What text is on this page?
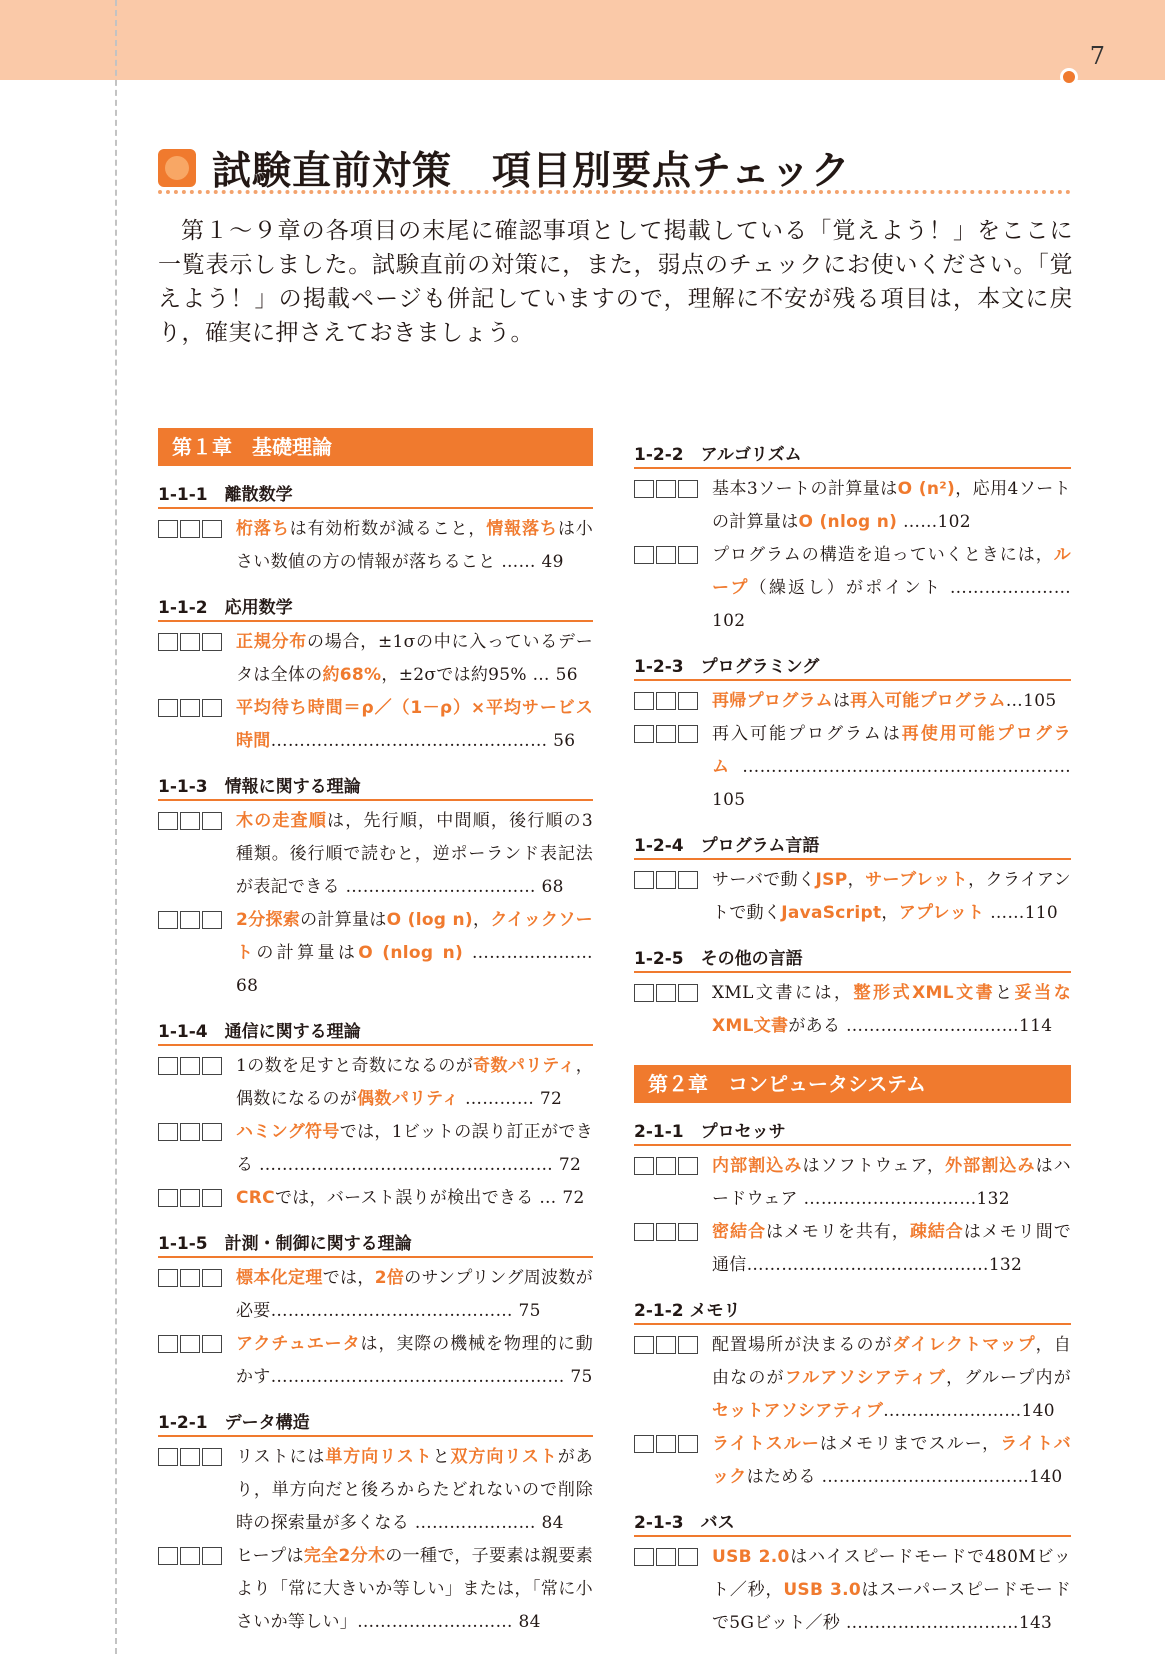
7
試験直前対策　項目別要点チェック
第１～９章の各項目の末尾に確認事項として掲載している「覚えよう！」をここに一覧表示しました。試験直前の対策に，また，弱点のチェックにお使いください。「覚えよう！」の掲載ページも併記していますので，理解に不安が残る項目は，本文に戻り，確実に押さえておきましょう。
第１章　基礎理論
1-1-1　離散数学
桁落ちは有効桁数が減ること，情報落ちは小さい数値の方の情報が落ちること …… 49
1-1-2　応用数学
正規分布の場合，±1σの中に入っているデータは全体の約68%，±2σでは約95% … 56
平均待ち時間＝ρ／（1－ρ）×平均サービス時間………………………………………… 56
1-1-3　情報に関する理論
木の走査順は，先行順，中間順，後行順の3種類。後行順で読むと，逆ポーランド表記法が表記できる …………………………… 68
2分探索の計算量はO (log n)，クイックソートの計算量はO (nlog n) ………………… 68
1-1-4　通信に関する理論
1の数を足すと奇数になるのが奇数パリティ，偶数になるのが偶数パリティ ………… 72
ハミング符号では，1ビットの誤り訂正ができる …………………………………………… 72
CRCでは，バースト誤りが検出できる … 72
1-1-5　計測・制御に関する理論
標本化定理では，2倍のサンプリング周波数が必要…………………………………… 75
アクチュエータは，実際の機械を物理的に動かす…………………………………………… 75
1-2-1　データ構造
リストには単方向リストと双方向リストがあり，単方向だと後ろからたどれないので削除時の探索量が多くなる ………………… 84
ヒープは完全2分木の一種で，子要素は親要素より「常に大きいか等しい」または，「常に小さいか等しい」……………………… 84
1-2-2　アルゴリズム
基本3ソートの計算量はO (n²)，応用4ソートの計算量はO (nlog n) ……102
プログラムの構造を追っていくときには，ループ（繰返し）がポイント …………………102
1-2-3　プログラミング
再帰プログラムは再入可能プログラム…105
再入可能プログラムは再使用可能プログラム…………………………………………………105
1-2-4　プログラム言語
サーバで動くJSP，サーブレット，クライアントで動くJavaScript，アプレット ……110
1-2-5　その他の言語
XML文書には，整形式XML文書と妥当なXML文書がある …………………………114
第２章　コンピュータシステム
2-1-1　プロセッサ
内部割込みはソフトウェア，外部割込みはハードウェア …………………………132
密結合はメモリを共有，疎結合はメモリ間で通信……………………………………132
2-1-2 メモリ
配置場所が決まるのがダイレクトマップ，自由なのがフルアソシアティブ，グループ内がセットアソシアティブ……………………140
ライトスルーはメモリまでスルー，ライトバックはためる ………………………………140
2-1-3　バス
USB 2.0はハイスピードモードで480Mビット／秒，USB 3.0はスーパースピードモードで5Gビット／秒 …………………………143
